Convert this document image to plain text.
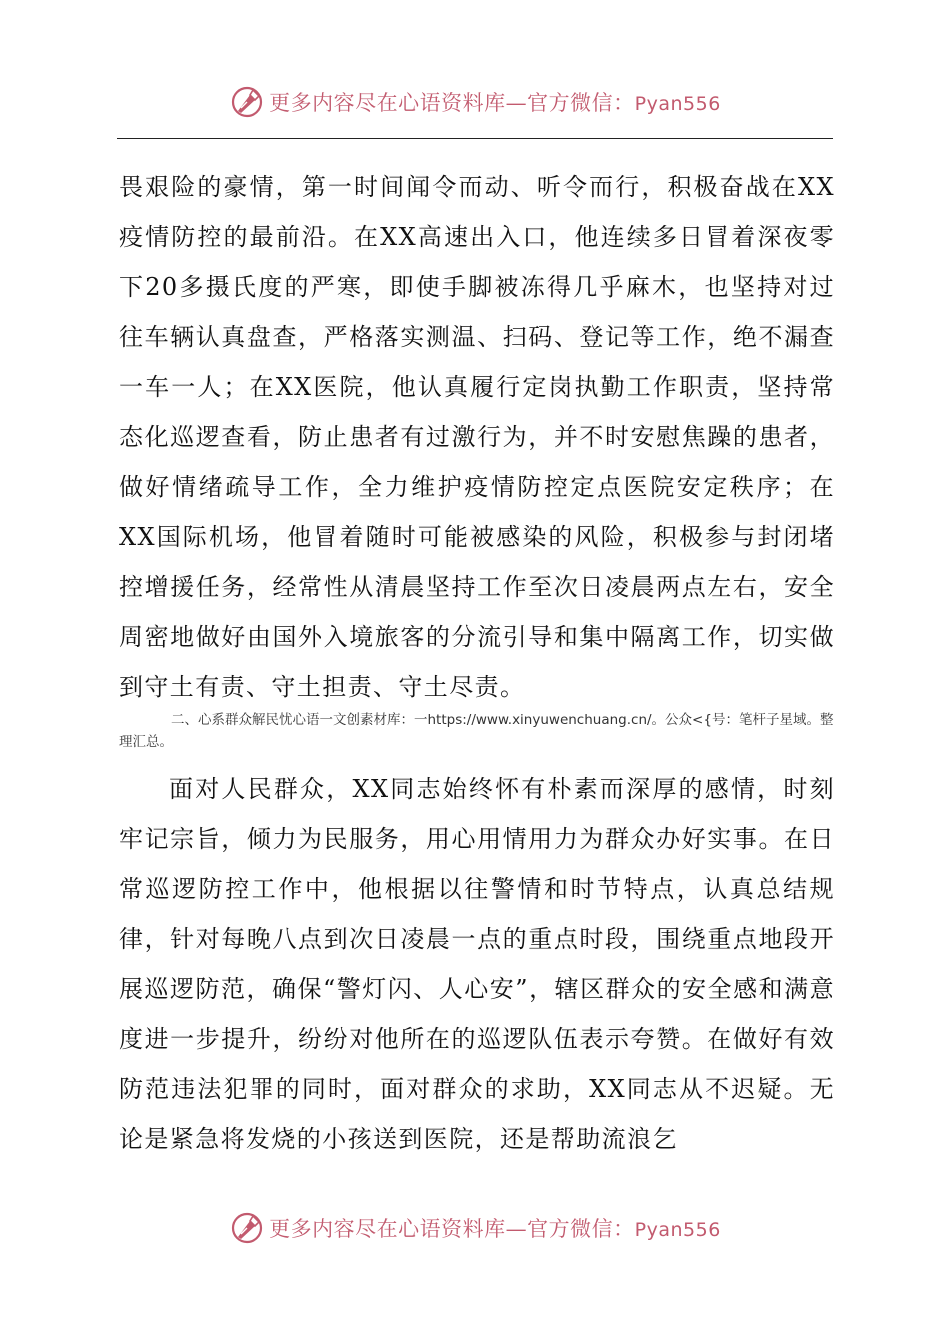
更多内容尽在心语资料库—官方微信：Pyan556

畏艰险的豪情，第一时间闻令而动、听令而行，积极奋战在XX疫情防控的最前沿。在XX高速出入口，他连续多日冒着深夜零下20多摄氏度的严寒，即使手脚被冻得几乎麻木，也坚持对过往车辆认真盘查，严格落实测温、扫码、登记等工作，绝不漏查一车一人；在XX医院，他认真履行定岗执勤工作职责，坚持常态化巡逻查看，防止患者有过激行为，并不时安慰焦躁的患者，做好情绪疏导工作，全力维护疫情防控定点医院安定秩序；在XX国际机场，他冒着随时可能被感染的风险，积极参与封闭堵控增援任务，经常性从清晨坚持工作至次日凌晨两点左右，安全周密地做好由国外入境旅客的分流引导和集中隔离工作，切实做到守土有责、守土担责、守土尽责。

二、心系群众解民忧心语一文创素材库：一https://www.xinyuwenchuang.cn/。公众<{号：笔杆子星域。整理汇总。

面对人民群众，XX同志始终怀有朴素而深厚的感情，时刻牢记宗旨，倾力为民服务，用心用情用力为群众办好实事。在日常巡逻防控工作中，他根据以往警情和时节特点，认真总结规律，针对每晚八点到次日凌晨一点的重点时段，围绕重点地段开展巡逻防范，确保“警灯闪、人心安”，辖区群众的安全感和满意度进一步提升，纷纷对他所在的巡逻队伍表示夸赞。在做好有效防范违法犯罪的同时，面对群众的求助，XX同志从不迟疑。无论是紧急将发烧的小孩送到医院，还是帮助流浪乞

更多内容尽在心语资料库—官方微信：Pyan556
